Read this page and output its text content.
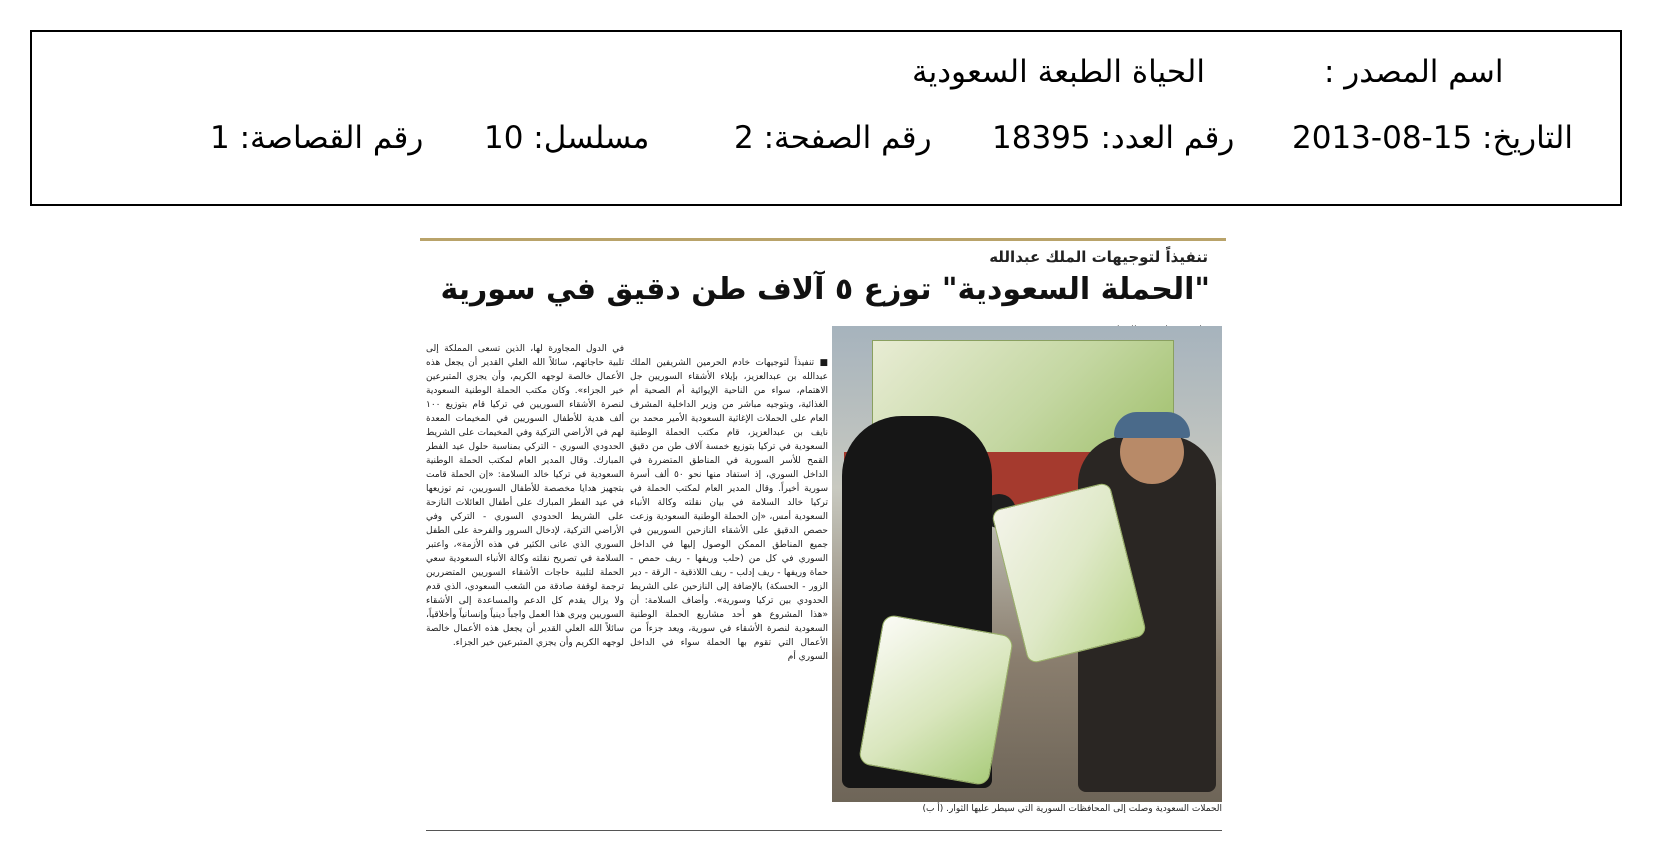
اسم المصدر :
الحياة الطبعة السعودية
التاريخ: 15-08-2013
رقم العدد: 18395
رقم الصفحة: 2
مسلسل: 10
رقم القصاصة: 1
تنفيذاً لتوجيهات الملك عبدالله
"الحملة السعودية" توزع ٥ آلاف طن دقيق في سورية
الحملات السعودية وصلت إلى المحافظات السورية التي سيطر عليها الثوار. (أ ب)
■ تنفيذاً لتوجيهات خادم الحرمين الشريفين الملك عبدالله بن عبدالعزيز، بإيلاء الأشقاء السوريين جل الاهتمام، سواء من الناحية الإيوائية أم الصحية أم الغذائية، وبتوجيه مباشر من وزير الداخلية المشرف العام على الحملات الإغاثية السعودية الأمير محمد بن نايف بن عبدالعزيز، قام مكتب الحملة الوطنية السعودية في تركيا بتوزيع خمسة آلاف طن من دقيق القمح للأسر السورية في المناطق المتضررة في الداخل السوري، إذ استفاد منها نحو ٥٠ ألف أسرة سورية أخيراً. وقال المدير العام لمكتب الحملة في تركيا خالد السلامة في بيان نقلته وكالة الأنباء السعودية أمس، «إن الحملة الوطنية السعودية وزعت حصص الدقيق على الأشقاء النازحين السوريين في جميع المناطق الممكن الوصول إليها في الداخل السوري في كل من (حلب وريفها - ريف حمص - حماة وريفها - ريف إدلب - ريف اللاذقية - الرقة - دير الزور - الحسكة) بالإضافة إلى النازحين على الشريط الحدودي بين تركيا وسورية». وأضاف السلامة: أن «هذا المشروع هو أحد مشاريع الحملة الوطنية السعودية لنصرة الأشقاء في سورية، ويعد جزءاً من الأعمال التي تقوم بها الحملة سواء في الداخل السوري أم
في الدول المجاورة لها، الذين تسعى المملكة إلى تلبية حاجاتهم، سائلاً الله العلي القدير أن يجعل هذه الأعمال خالصة لوجهه الكريم، وأن يجزي المتبرعين خير الجزاء». وكان مكتب الحملة الوطنية السعودية لنصرة الأشقاء السوريين في تركيا قام بتوزيع ١٠٠ ألف هدية للأطفال السوريين في المخيمات المعدة لهم في الأراضي التركية وفي المخيمات على الشريط الحدودي السوري - التركي بمناسبة حلول عيد الفطر المبارك. وقال المدير العام لمكتب الحملة الوطنية السعودية في تركيا خالد السلامة: «إن الحملة قامت بتجهيز هدايا مخصصة للأطفال السوريين، تم توزيعها في عيد الفطر المبارك على أطفال العائلات النازحة على الشريط الحدودي السوري - التركي وفي الأراضي التركية، لإدخال السرور والفرحة على الطفل السوري الذي عانى الكثير في هذه الأزمة»، واعتبر السلامة في تصريح نقلته وكالة الأنباء السعودية سعي الحملة لتلبية حاجات الأشقاء السوريين المتضررين ترجمة لوقفة صادقة من الشعب السعودي، الذي قدم ولا يزال يقدم كل الدعم والمساعدة إلى الأشقاء السوريين ويرى هذا العمل واجباً دينياً وإنسانياً وأخلاقياً، سائلاً الله العلي القدير أن يجعل هذه الأعمال خالصة لوجهه الكريم وأن يجزي المتبرعين خير الجزاء.
